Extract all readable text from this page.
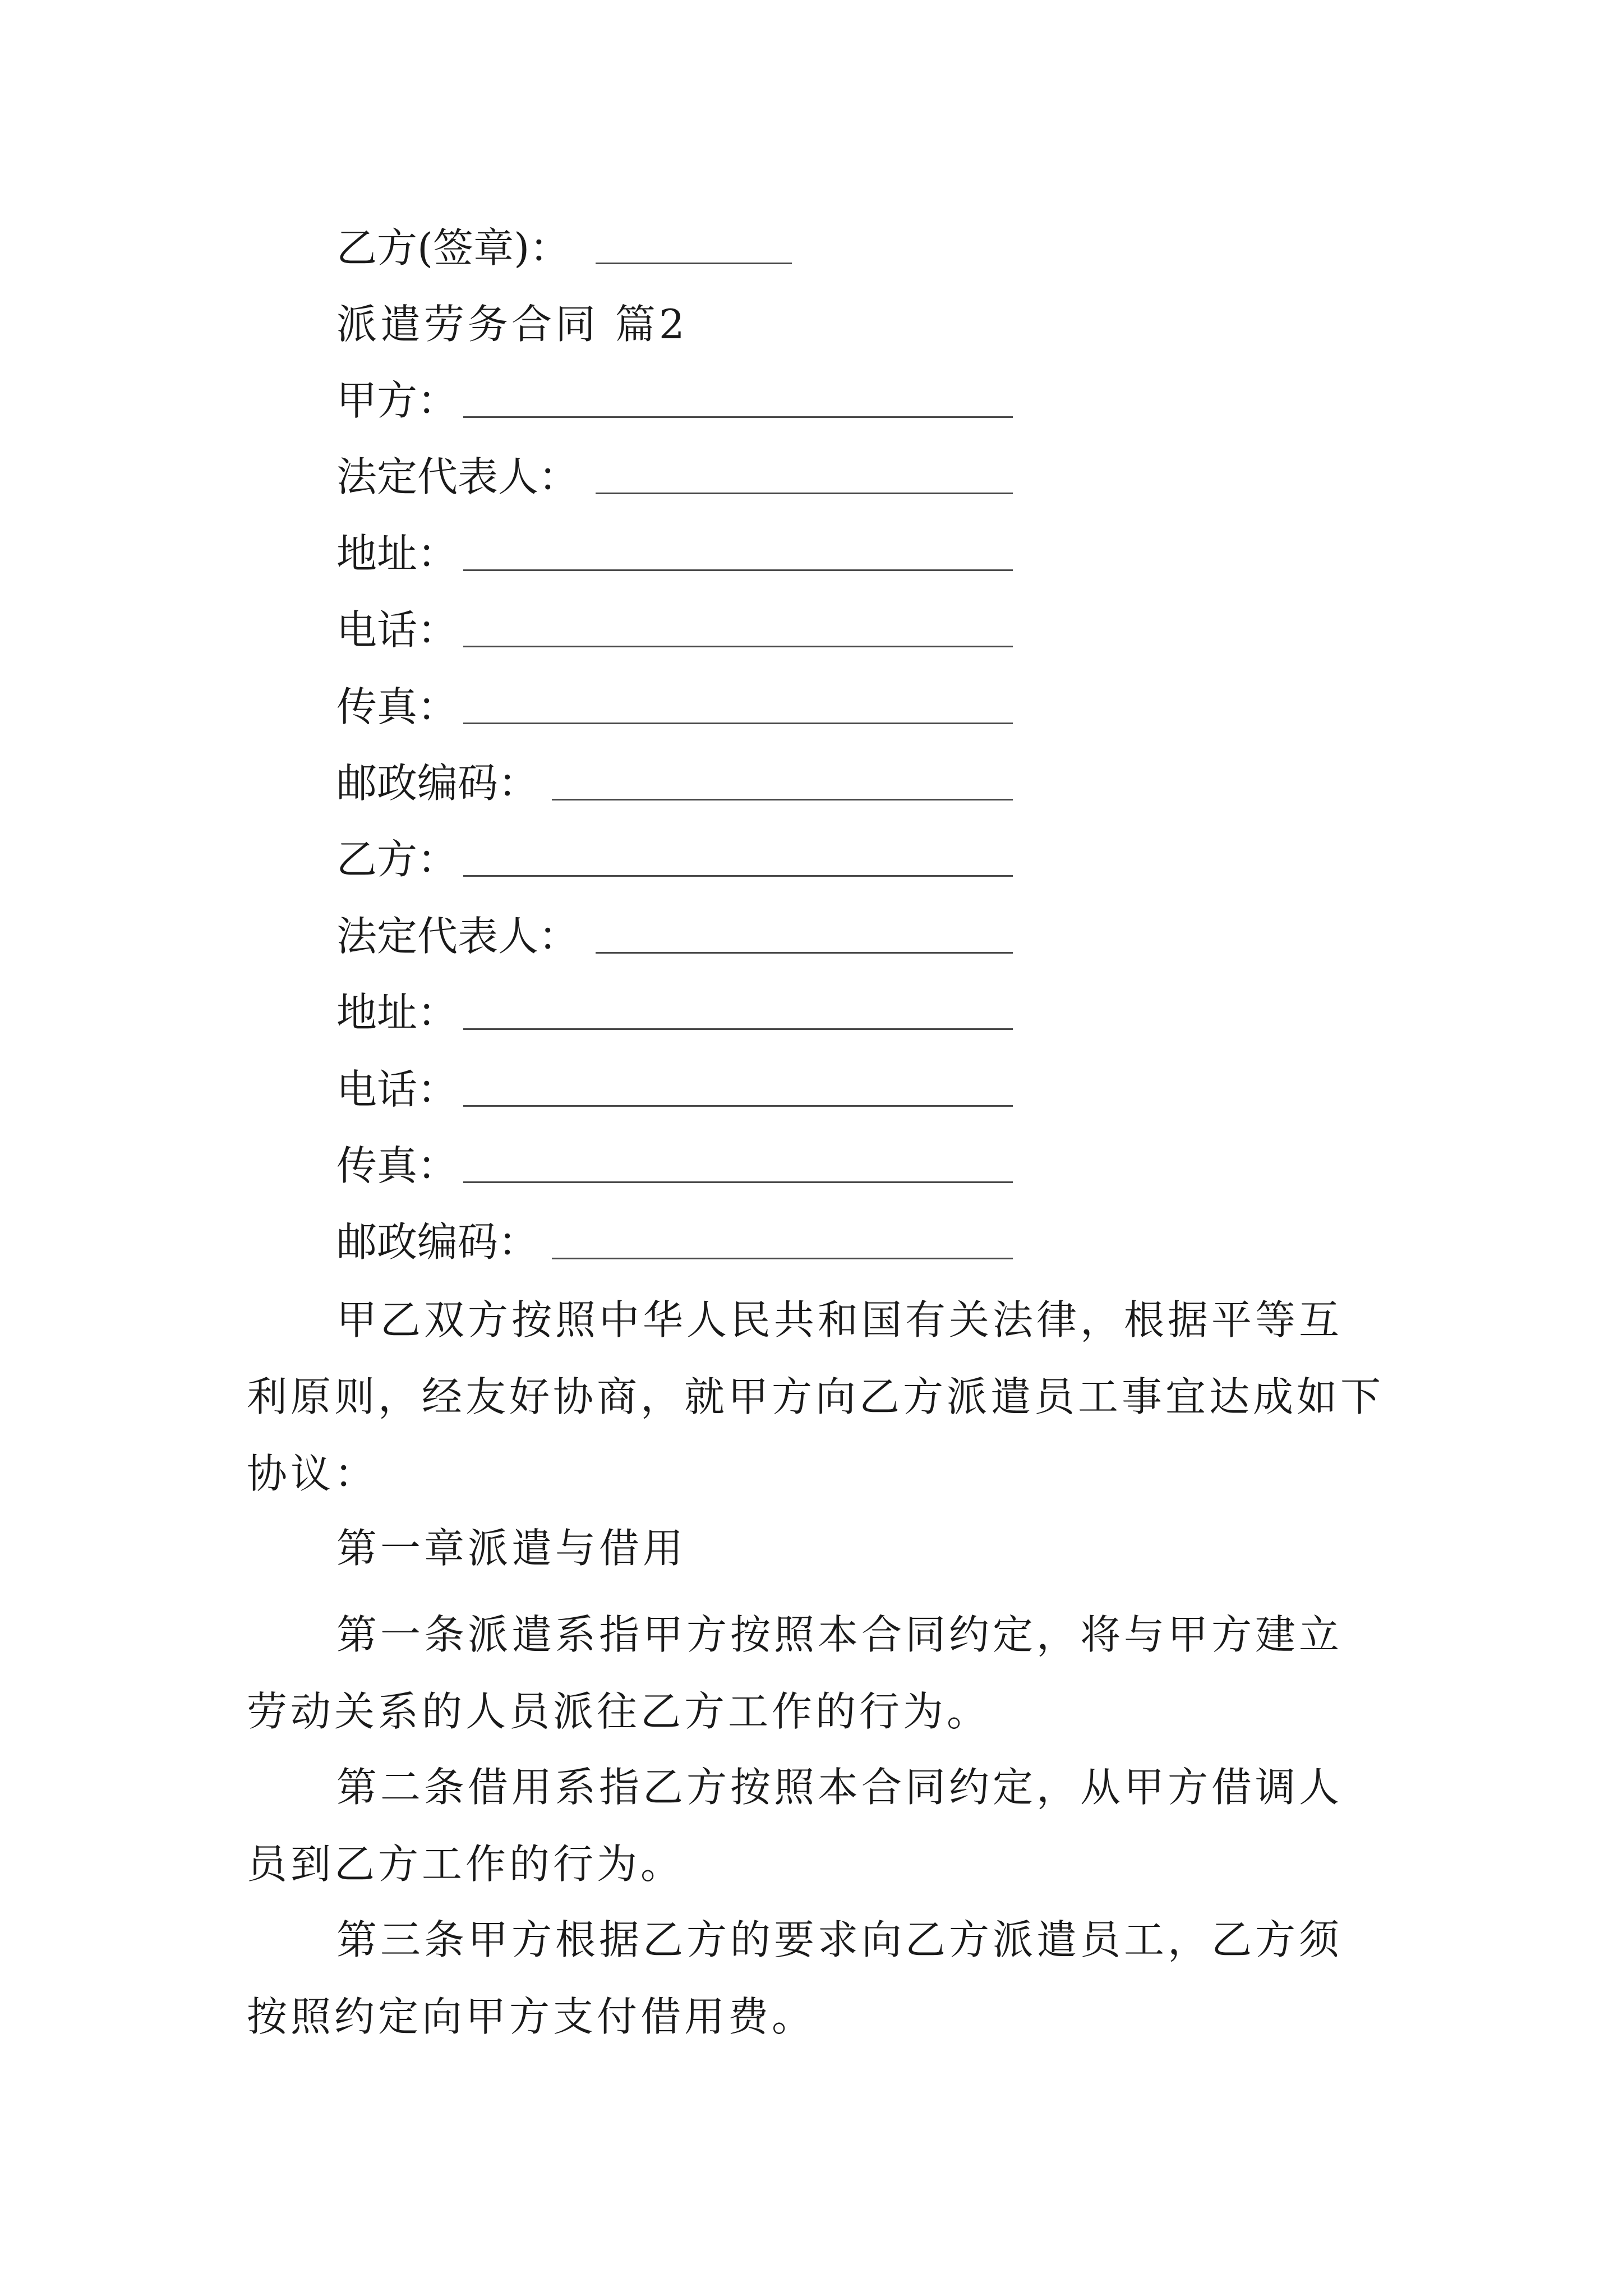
乙方(签章)：
派遣劳务合同 篇2
甲方：
法定代表人：
地址：
电话：
传真：
邮政编码：
乙方：
法定代表人：
地址：
电话：
传真：
邮政编码：
甲乙双方按照中华人民共和国有关法律，根据平等互利原则，经友好协商，就甲方向乙方派遣员工事宜达成如下协议：
第一章派遣与借用
第一条派遣系指甲方按照本合同约定，将与甲方建立劳动关系的人员派往乙方工作的行为。
第二条借用系指乙方按照本合同约定，从甲方借调人员到乙方工作的行为。
第三条甲方根据乙方的要求向乙方派遣员工，乙方须按照约定向甲方支付借用费。
